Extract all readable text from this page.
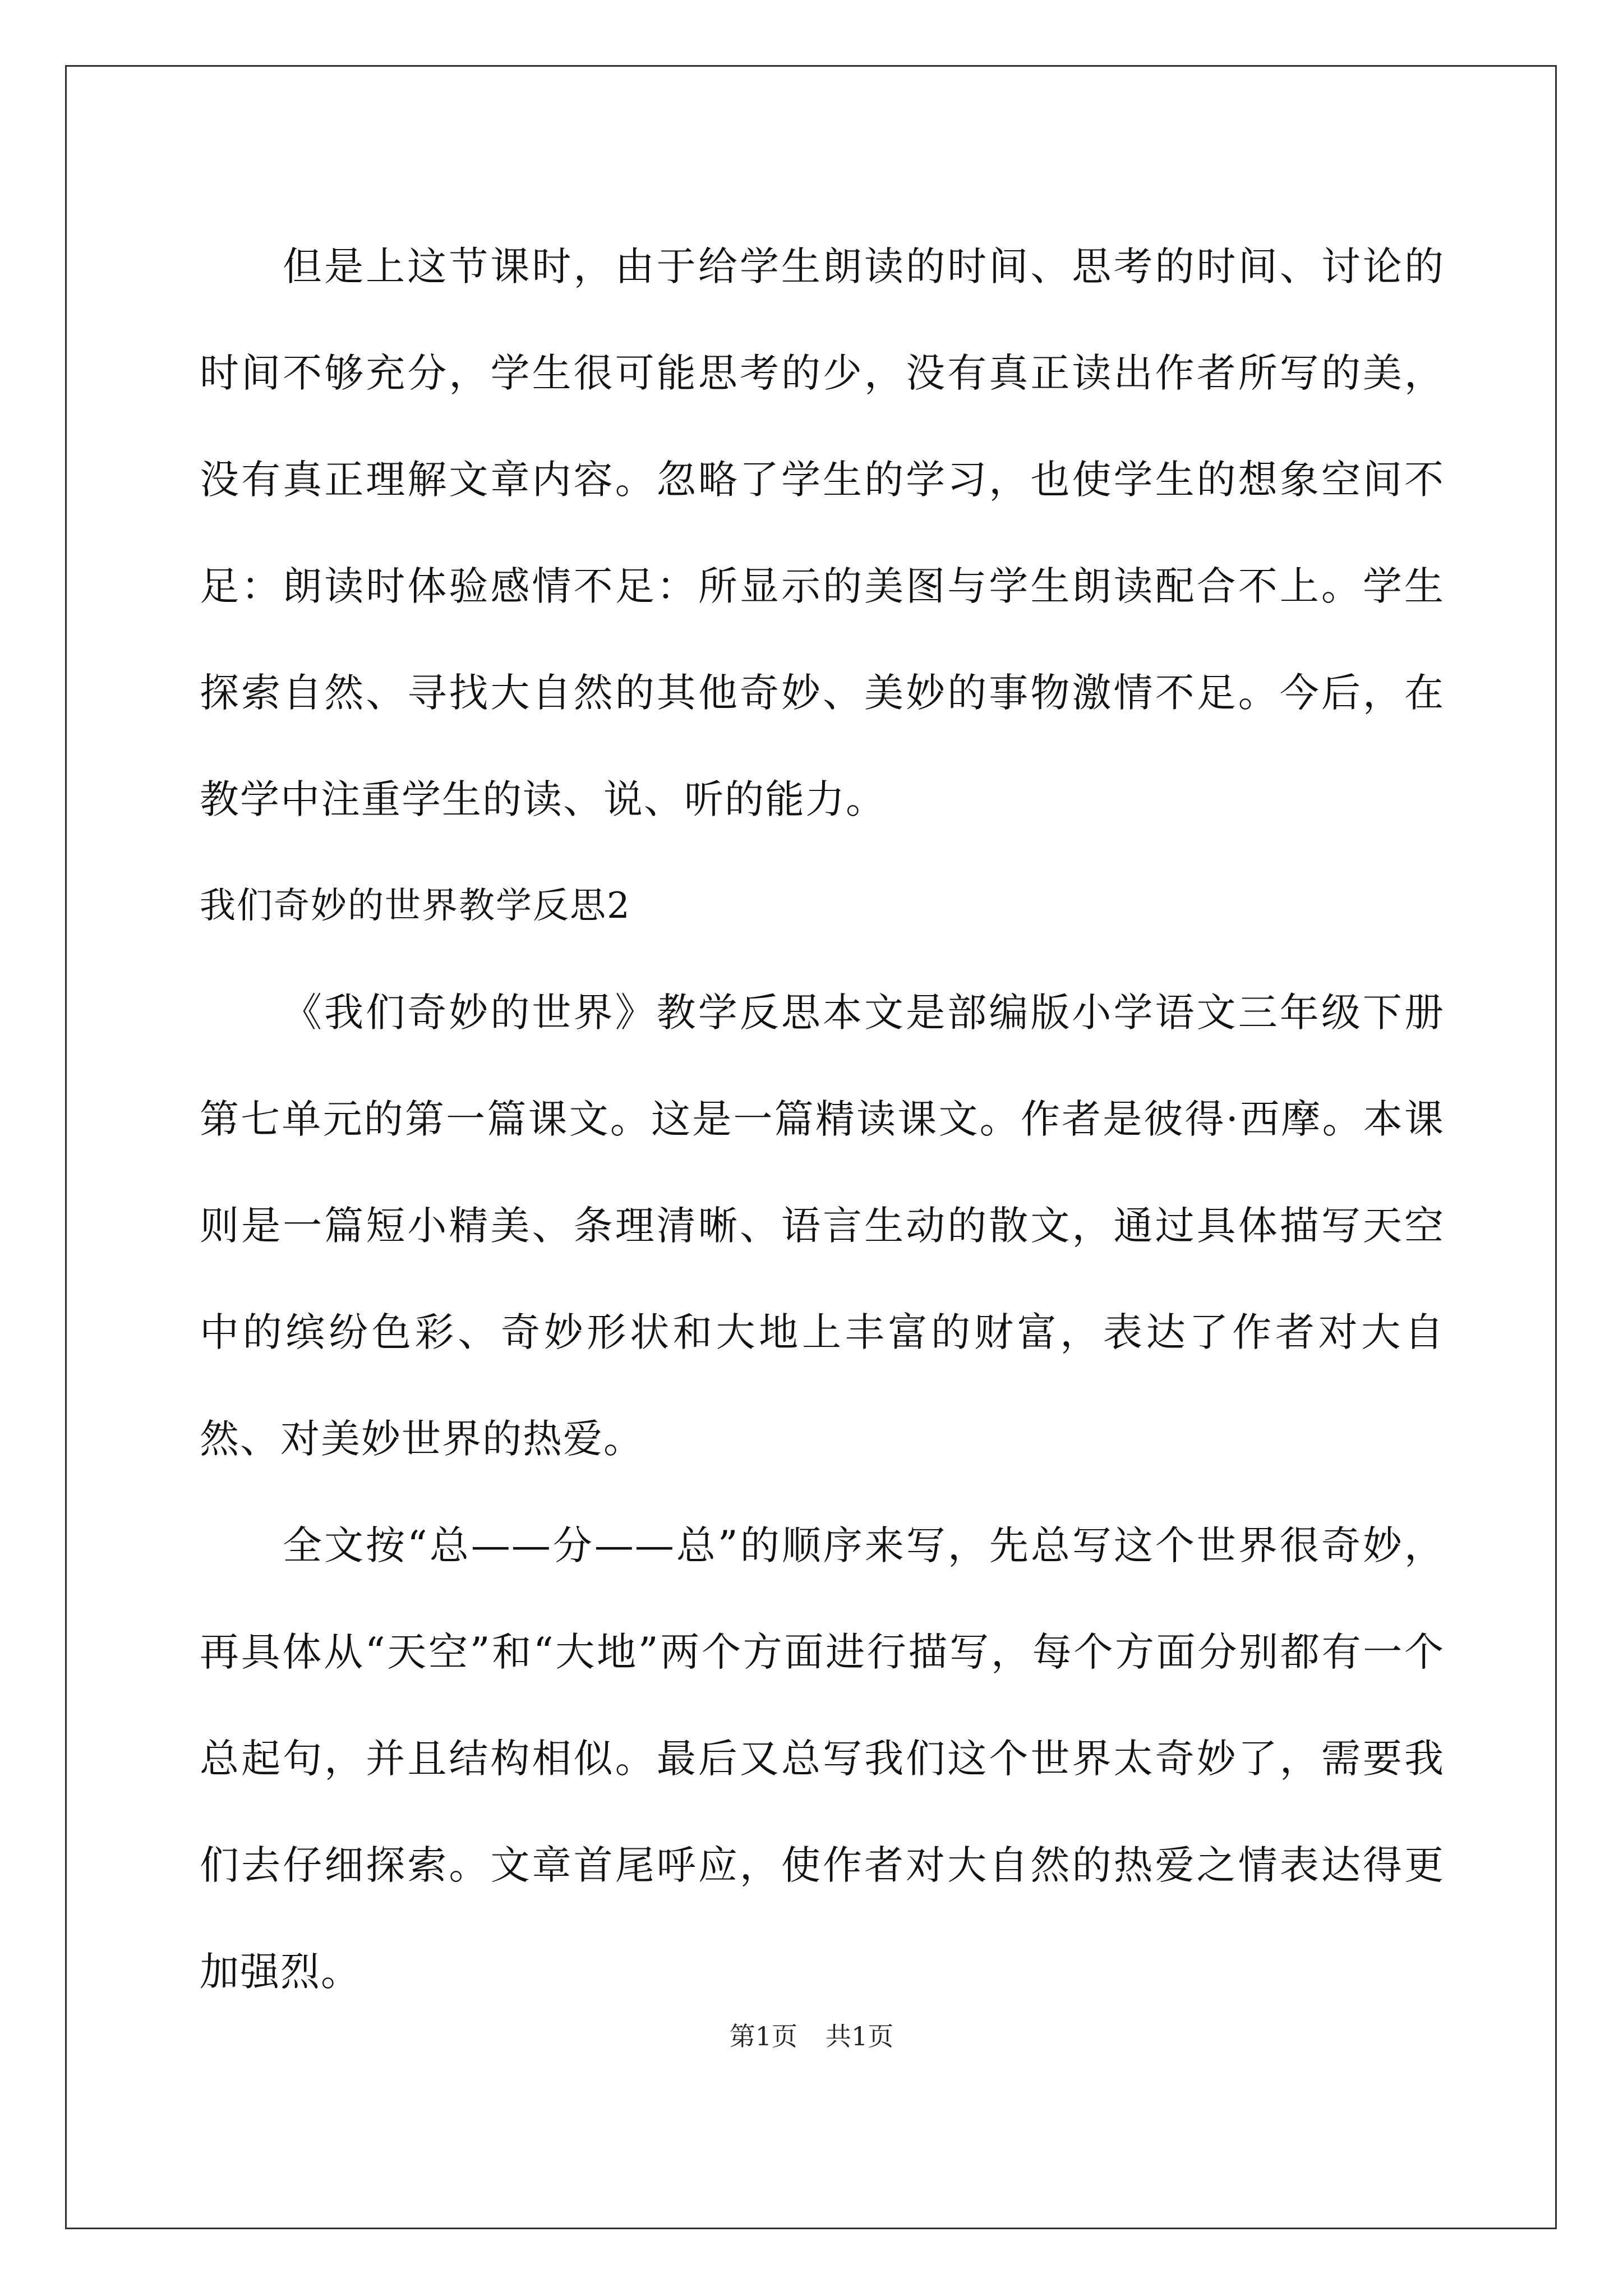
但是上这节课时，由于给学生朗读的时间、思考的时间、讨论的时间不够充分，学生很可能思考的少，没有真正读出作者所写的美，没有真正理解文章内容。忽略了学生的学习，也使学生的想象空间不足：朗读时体验感情不足：所显示的美图与学生朗读配合不上。学生探索自然、寻找大自然的其他奇妙、美妙的事物激情不足。今后，在教学中注重学生的读、说、听的能力。

我们奇妙的世界教学反思2

《我们奇妙的世界》教学反思本文是部编版小学语文三年级下册第七单元的第一篇课文。这是一篇精读课文。作者是彼得·西摩。本课则是一篇短小精美、条理清晰、语言生动的散文，通过具体描写天空中的缤纷色彩、奇妙形状和大地上丰富的财富，表达了作者对大自然、对美妙世界的热爱。

全文按“总——分——总”的顺序来写，先总写这个世界很奇妙，再具体从“天空”和“大地”两个方面进行描写，每个方面分别都有一个总起句，并且结构相似。最后又总写我们这个世界太奇妙了，需要我们去仔细探索。文章首尾呼应，使作者对大自然的热爱之情表达得更加强烈。

第1页 共1页
